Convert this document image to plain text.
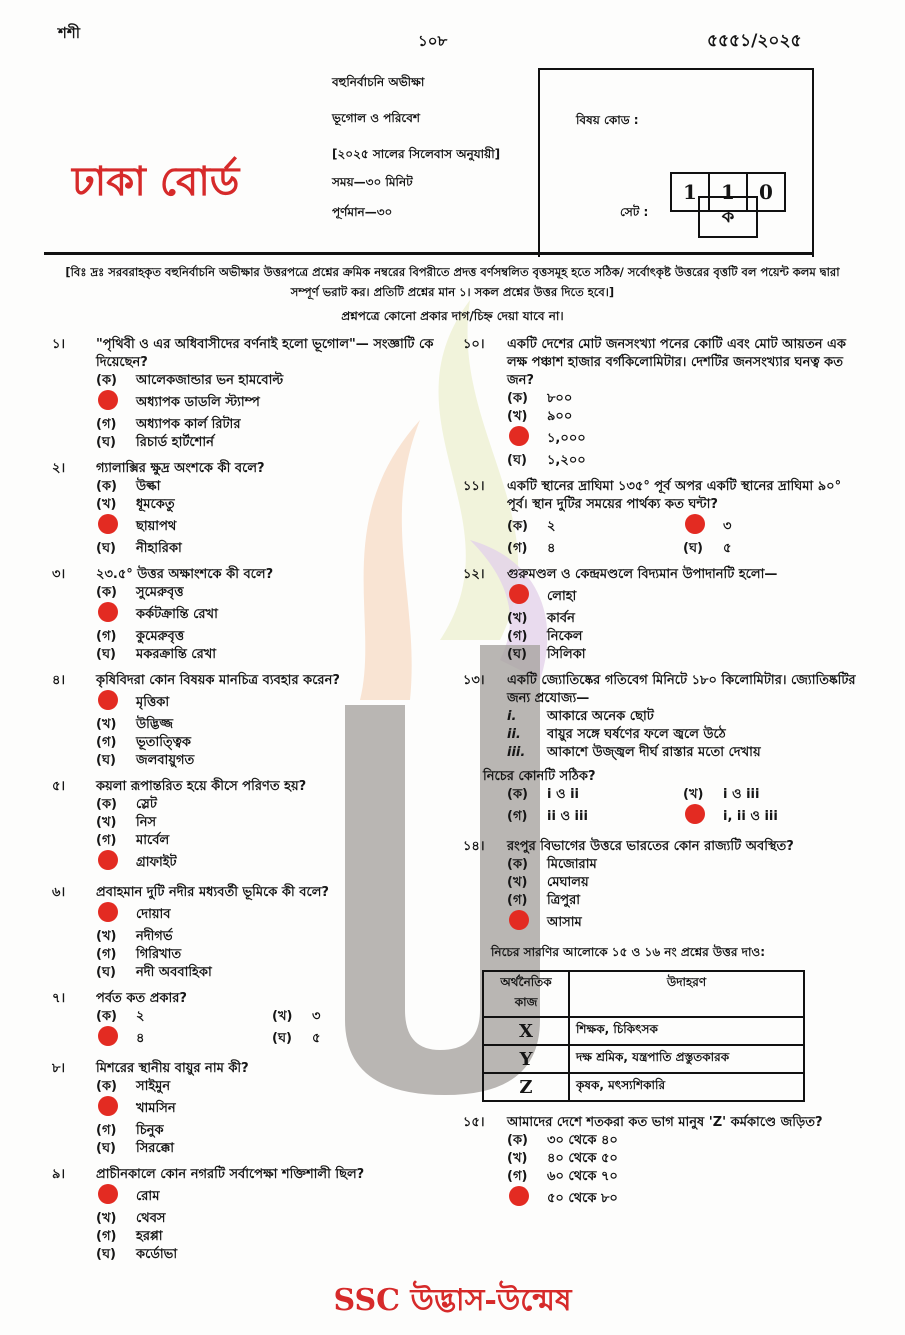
শশী	১০৮	৫৫৫১/২০২৫
ঢাকা বোর্ড
বহুনির্বাচনি অভীক্ষা
ভূগোল ও পরিবেশ
[২০২৫ সালের সিলেবাস অনুযায়ী]
সময়—৩০ মিনিট
পূর্ণমান—৩০
বিষয় কোড :
1	1	0
সেট :	ক
[বিঃ দ্রঃ সরবরাহকৃত বহুনির্বাচনি অভীক্ষার উত্তরপত্রে প্রশ্নের ক্রমিক নম্বরের বিপরীতে প্রদত্ত বর্ণসম্বলিত বৃত্তসমূহ হতে সঠিক/ সর্বোৎকৃষ্ট উত্তরের বৃত্তটি বল পয়েন্ট কলম দ্বারা সম্পূর্ণ ভরাট কর। প্রতিটি প্রশ্নের মান ১। সকল প্রশ্নের উত্তর দিতে হবে।]
প্রশ্নপত্রে কোনো প্রকার দাগ/চিহ্ন দেয়া যাবে না।
১। "পৃথিবী ও এর অধিবাসীদের বর্ণনাই হলো ভূগোল"— সংজ্ঞাটি কে দিয়েছেন?
(ক)	আলেকজান্ডার ভন হামবোল্ট
অধ্যাপক ডাডলি স্ট্যাম্প
(গ)	অধ্যাপক কার্ল রিটার
(ঘ)	রিচার্ড হার্টশোর্ন
২। গ্যালাক্সির ক্ষুদ্র অংশকে কী বলে?
(ক)	উল্কা
(খ)	ধূমকেতু
ছায়াপথ
(ঘ)	নীহারিকা
৩। ২৩.৫° উত্তর অক্ষাংশকে কী বলে?
(ক)	সুমেরুবৃত্ত
কর্কটক্রান্তি রেখা
(গ)	কুমেরুবৃত্ত
(ঘ)	মকরক্রান্তি রেখা
৪। কৃষিবিদরা কোন বিষয়ক মানচিত্র ব্যবহার করেন?
মৃত্তিকা
(খ)	উদ্ভিজ্জ
(গ)	ভূতাত্ত্বিক
(ঘ)	জলবায়ুগত
৫। কয়লা রূপান্তরিত হয়ে কীসে পরিণত হয়?
(ক)	স্লেট
(খ)	নিস
(গ)	মার্বেল
গ্রাফাইট
৬। প্রবাহমান দুটি নদীর মধ্যবর্তী ভূমিকে কী বলে?
দোয়াব
(খ)	নদীগর্ভ
(গ)	গিরিখাত
(ঘ)	নদী অববাহিকা
৭। পর্বত কত প্রকার?
(ক)	২	(খ)	৩
৪	(ঘ)	৫
৮। মিশরের স্থানীয় বায়ুর নাম কী?
(ক)	সাইমুন
খামসিন
(গ)	চিনুক
(ঘ)	সিরক্কো
৯। প্রাচীনকালে কোন নগরটি সর্বাপেক্ষা শক্তিশালী ছিল?
রোম
(খ)	থেবস
(গ)	হরপ্পা
(ঘ)	কর্ডোভা
১০। একটি দেশের মোট জনসংখ্যা পনের কোটি এবং মোট আয়তন এক লক্ষ পঞ্চাশ হাজার বর্গকিলোমিটার। দেশটির জনসংখ্যার ঘনত্ব কত জন?
(ক)	৮০০
(খ)	৯০০
১,০০০
(ঘ)	১,২০০
১১। একটি স্থানের দ্রাঘিমা ১৩৫° পূর্ব অপর একটি স্থানের দ্রাঘিমা ৯০° পূর্ব। স্থান দুটির সময়ের পার্থক্য কত ঘন্টা?
(ক)	২	৩
(গ)	৪	(ঘ)	৫
১২। গুরুমণ্ডল ও কেন্দ্রমণ্ডলে বিদ্যমান উপাদানটি হলো—
লোহা
(খ)	কার্বন
(গ)	নিকেল
(ঘ)	সিলিকা
১৩। একটি জ্যোতিষ্কের গতিবেগ মিনিটে ১৮০ কিলোমিটার। জ্যোতিষ্কটির জন্য প্রযোজ্য—
i.	আকারে অনেক ছোট
ii.	বায়ুর সঙ্গে ঘর্ষণের ফলে জ্বলে উঠে
iii.	আকাশে উজ্জ্বল দীর্ঘ রাস্তার মতো দেখায়
নিচের কোনটি সঠিক?
(ক)	i ও ii	(খ)	i ও iii
(গ)	ii ও iii	i, ii ও iii
১৪। রংপুর বিভাগের উত্তরে ভারতের কোন রাজ্যটি অবস্থিত?
(ক)	মিজোরাম
(খ)	মেঘালয়
(গ)	ত্রিপুরা
আসাম
নিচের সারণির আলোকে ১৫ ও ১৬ নং প্রশ্নের উত্তর দাও:
অর্থনৈতিক কাজ	উদাহরণ
X	শিক্ষক, চিকিৎসক
Y	দক্ষ শ্রমিক, যন্ত্রপাতি প্রস্তুতকারক
Z	কৃষক, মৎস্যশিকারি
১৫। আমাদের দেশে শতকরা কত ভাগ মানুষ 'Z' কর্মকাণ্ডে জড়িত?
(ক)	৩০ থেকে ৪০
(খ)	৪০ থেকে ৫০
(গ)	৬০ থেকে ৭০
৫০ থেকে ৮০
SSC উদ্ভাস-উন্মেষ
